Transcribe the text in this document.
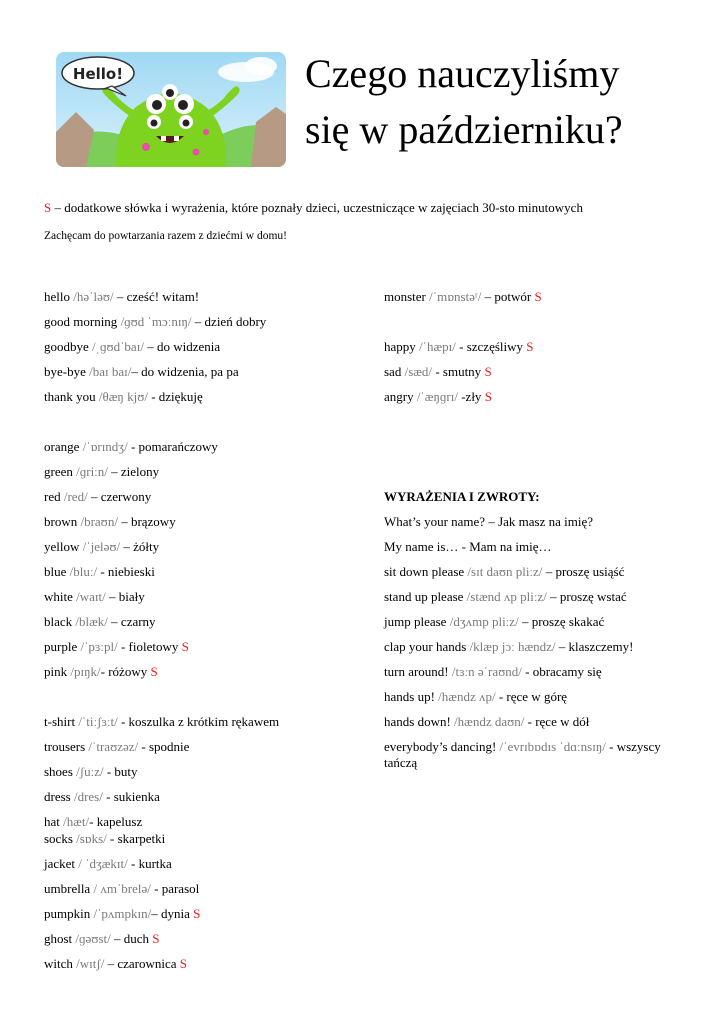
Hello!	Czego nauczyliśmy
się w październiku?
S – dodatkowe słówka i wyrażenia, które poznały dzieci, uczestniczące w zajęciach 30-sto minutowych
Zachęcam do powtarzania razem z dziećmi w domu!
hello /həˈləʊ/ – cześć! witam!
good morning /ɡʊd ˈmɔːnɪŋ/ – dzień dobry
goodbye /ˌɡʊdˈbaɪ/ – do widzenia
bye-bye /baɪ baɪ/– do widzenia, pa pa
thank you /θæŋ kjʊ/ - dziękuję
orange /ˈɒrɪndʒ/ - pomarańczowy
green /ɡriːn/ – zielony
red /red/ – czerwony
brown /braʊn/ – brązowy
yellow /ˈjeləʊ/ – żółty
blue /bluː/ - niebieski
white /waɪt/ – biały
black /blæk/ – czarny
purple /ˈpɜːpl/ - fioletowy S
pink /pɪŋk/- różowy S
t-shirt /ˈtiːʃɜːt/ - koszulka z krótkim rękawem
trousers /ˈtraʊzəz/ - spodnie
shoes /ʃuːz/ - buty
dress /dres/ - sukienka
hat /hæt/- kapelusz
socks /sɒks/ - skarpetki
jacket / ˈdʒækɪt/ - kurtka
umbrella / ʌmˈbrelə/ - parasol
pumpkin /ˈpʌmpkɪn/– dynia S
ghost /ɡəʊst/ – duch S
witch /wɪtʃ/ – czarownica S
monster /ˈmɒnstəʳ/ – potwór S
happy /ˈhæpɪ/ - szczęśliwy S
sad /sæd/ - smutny S
angry /ˈæŋɡrɪ/ -zły S
WYRAŻENIA I ZWROTY:
What’s your name? – Jak masz na imię?
My name is… - Mam na imię…
sit down please /sɪt daʊn pliːz/ – proszę usiąść
stand up please /stænd ʌp pliːz/ – proszę wstać
jump please /dʒʌmp pliːz/ – proszę skakać
clap your hands /klæp jɔː hændz/ – klaszczemy!
turn around! /tɜːn əˈraʊnd/ - obracamy się
hands up! /hændz ʌp/ - ręce w górę
hands down! /hændz daʊn/ - ręce w dół
everybody’s dancing! /ˈevrɪbɒdɪs ˈdɑːnsɪŋ/ - wszyscy tańczą
